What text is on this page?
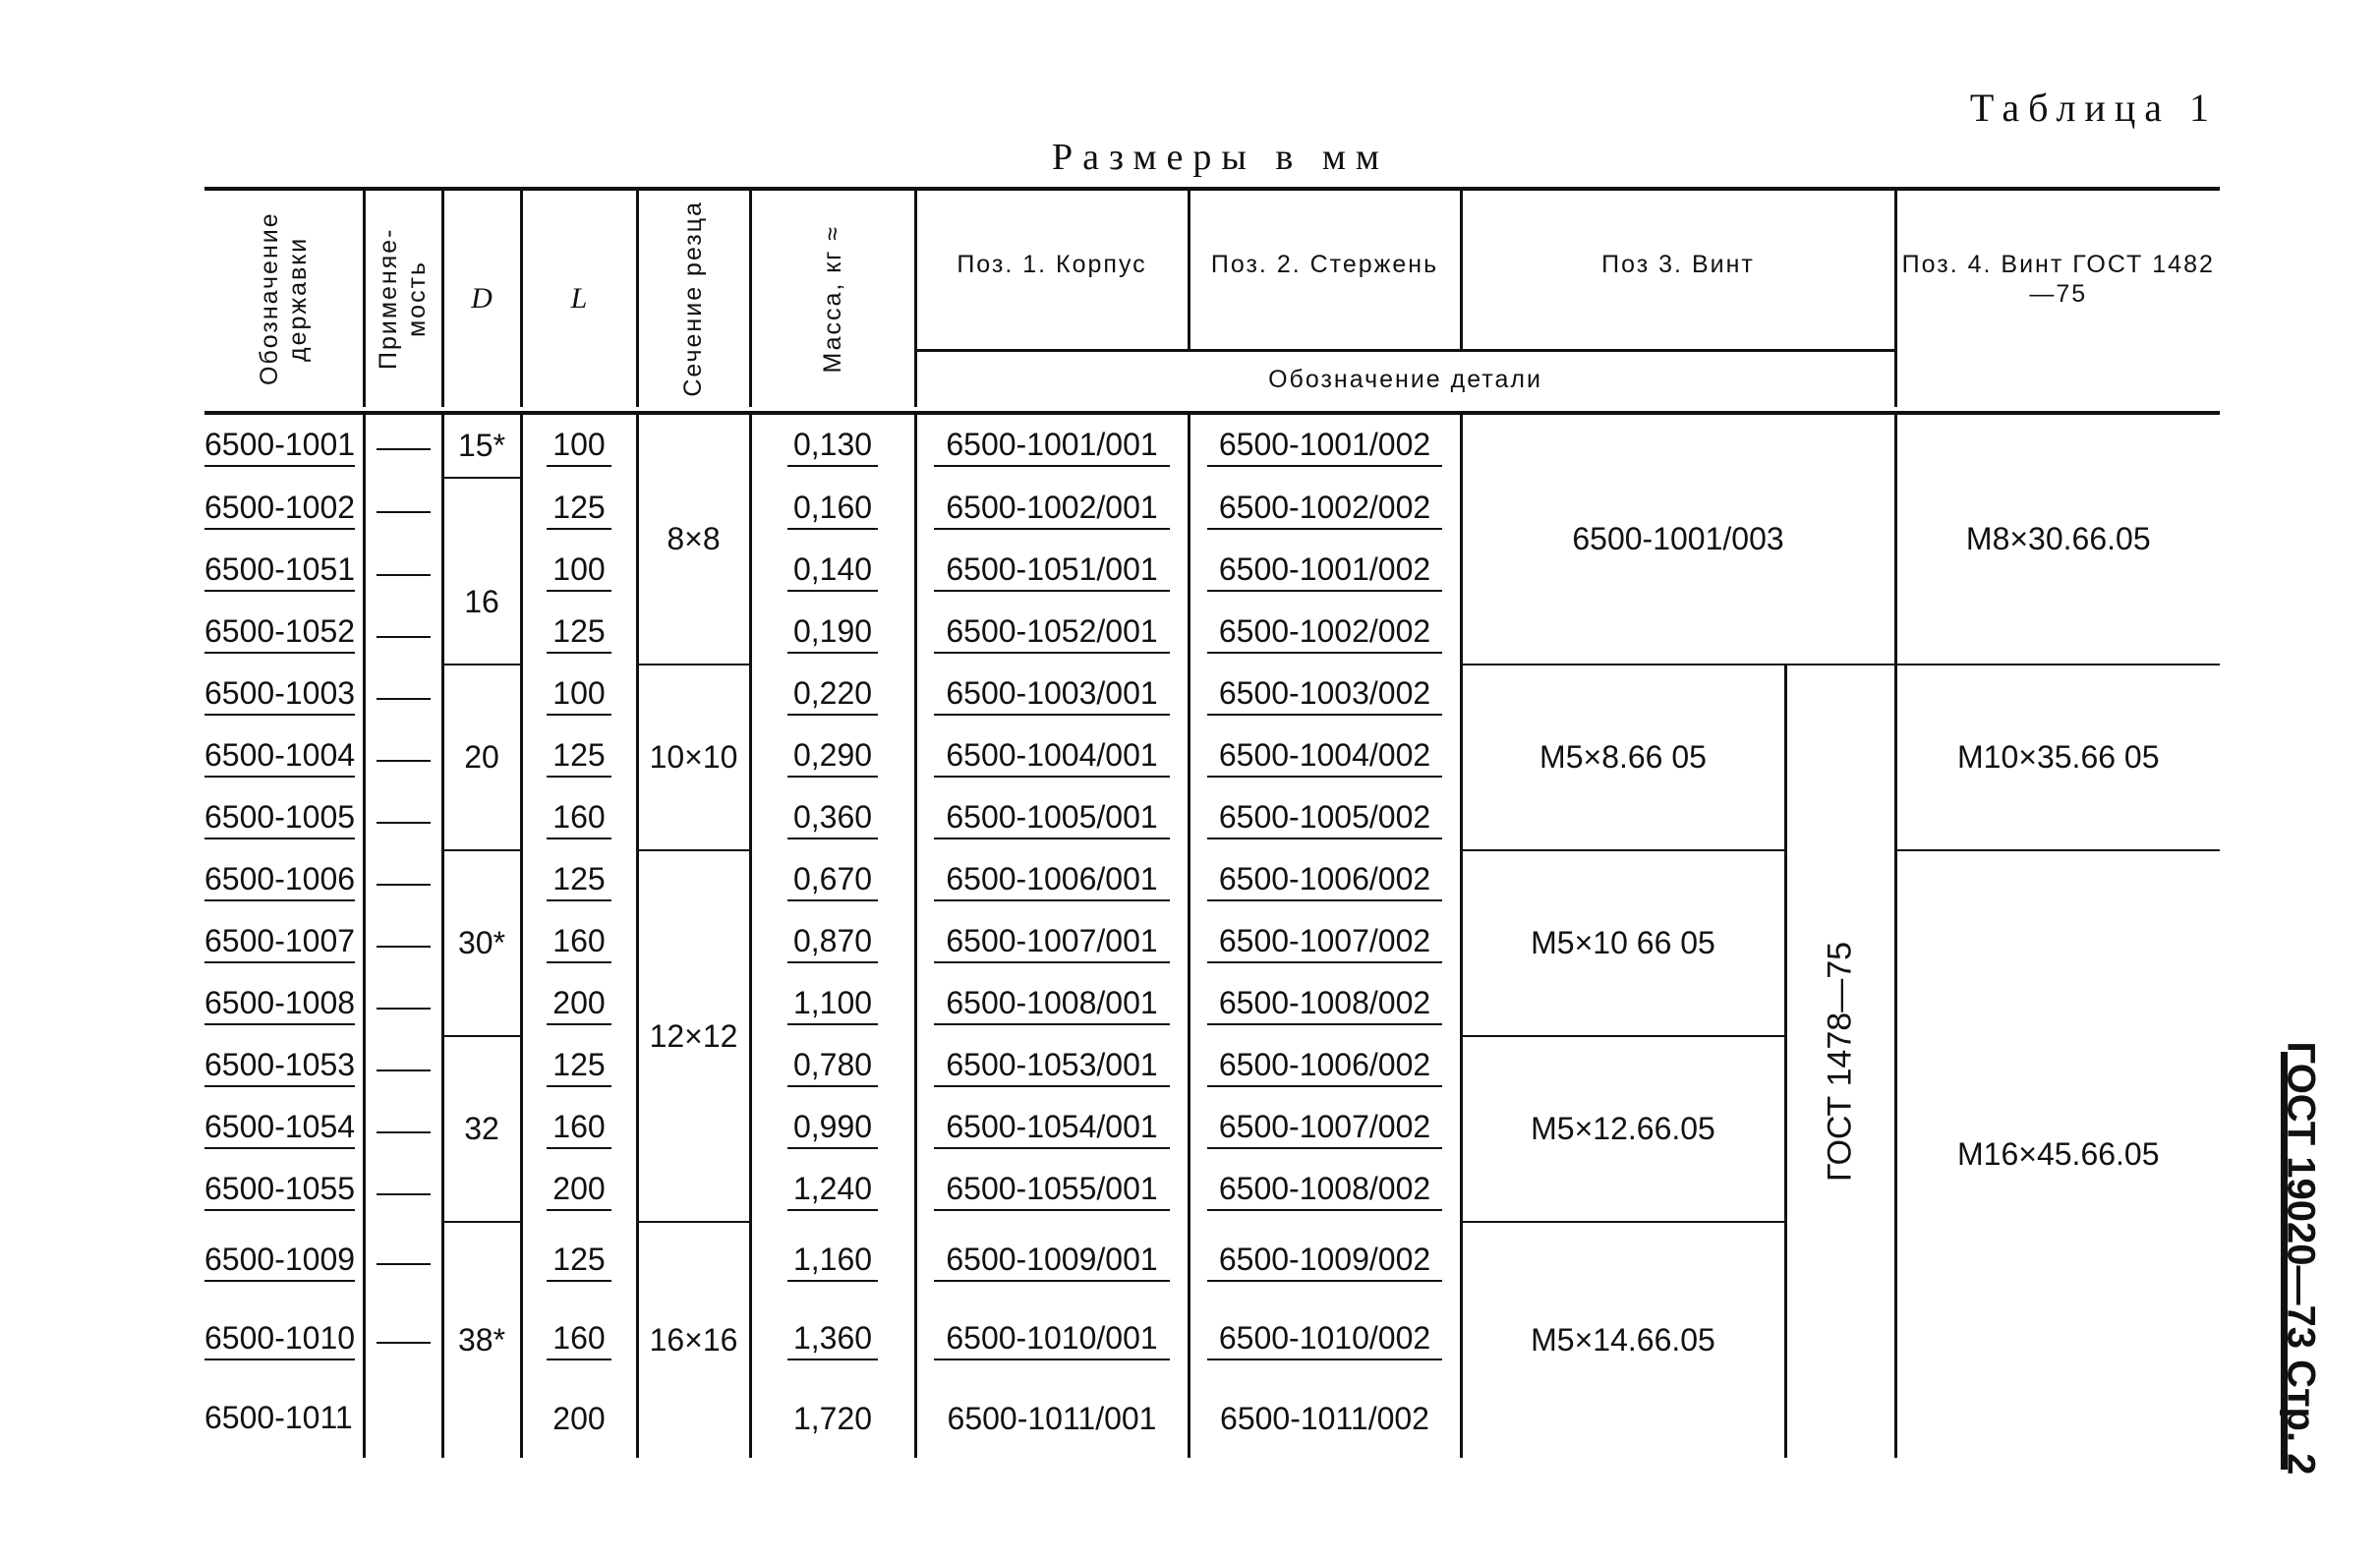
Таблица 1
Размеры в мм
ГОСТ 19020—73 Стр. 2
Обозначение державки	Применяе-мость	D	L	Сечение резца	Масса, кг ≈	Поз. 1. Корпус	Поз. 2. Стержень	Поз 3. Винт		Поз. 4. Винт ГОСТ 1482—75
						Обозначение детали				

6500-1001		15*	100	8×8	0,130	6500-1001/001	6500-1001/002	6500-1001/003		M8×30.66.05
6500-1002			125		0,160	6500-1002/001	6500-1002/002			
6500-1051		16	100		0,140	6500-1051/001	6500-1001/002			
6500-1052			125		0,190	6500-1052/001	6500-1002/002			
6500-1003		20	100	10×10	0,220	6500-1003/001	6500-1003/002	M5×8.66 05	ГОСТ 1478—75	M10×35.66 05
6500-1004			125		0,290	6500-1004/001	6500-1004/002			
6500-1005			160		0,360	6500-1005/001	6500-1005/002			
6500-1006		30*	125	12×12	0,670	6500-1006/001	6500-1006/002	M5×10 66 05		M16×45.66.05
6500-1007			160		0,870	6500-1007/001	6500-1007/002			
6500-1008			200		1,100	6500-1008/001	6500-1008/002			
6500-1053		32	125		0,780	6500-1053/001	6500-1006/002	M5×12.66.05		
6500-1054			160		0,990	6500-1054/001	6500-1007/002			
6500-1055			200		1,240	6500-1055/001	6500-1008/002			
6500-1009		38*	125	16×16	1,160	6500-1009/001	6500-1009/002	M5×14.66.05		
6500-1010			160		1,360	6500-1010/001	6500-1010/002			
6500-1011			200		1,720	6500-1011/001	6500-1011/002			
